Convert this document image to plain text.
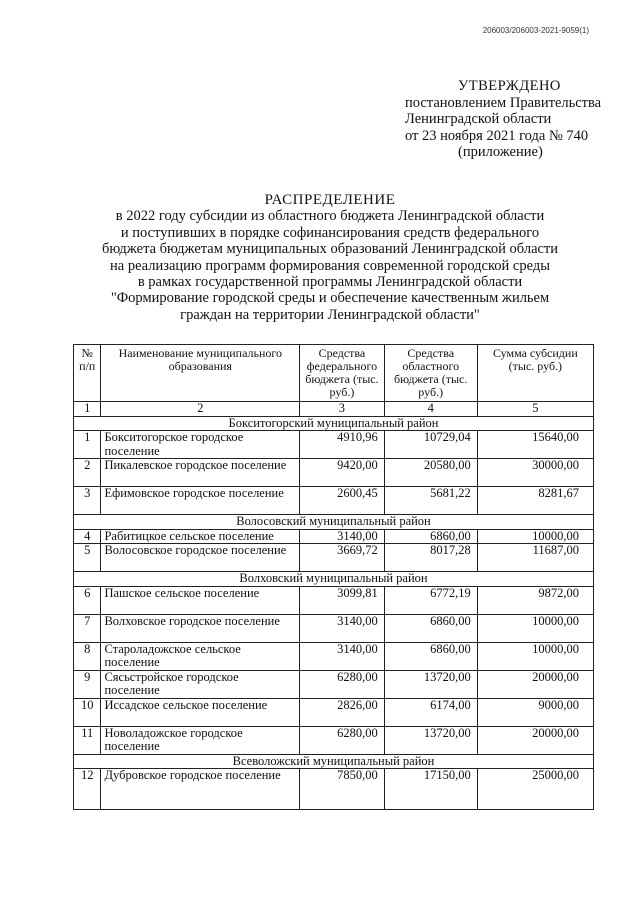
206003/206003-2021-9059(1)
УТВЕРЖДЕНО
постановлением Правительства
Ленинградской области
от 23 ноября 2021 года № 740
(приложение)
РАСПРЕДЕЛЕНИЕ
в 2022 году субсидии из областного бюджета Ленинградской области
и поступивших в порядке софинансирования средств федерального
бюджета бюджетам муниципальных образований Ленинградской области
на реализацию программ формирования современной городской среды
в рамках государственной программы Ленинградской области
"Формирование городской среды и обеспечение качественным жильем
граждан на территории Ленинградской области"
№ п/п	Наименование муниципального образования	Средства федерального бюджета (тыс. руб.)	Средства областного бюджета (тыс. руб.)	Сумма субсидии (тыс. руб.)
1	2	3	4	5
Бокситогорский муниципальный район				
1	Бокситогорское городское поселение	4910,96	10729,04	15640,00
2	Пикалевское городское поселение	9420,00	20580,00	30000,00
3	Ефимовское городское поселение	2600,45	5681,22	8281,67
Волосовский муниципальный район				
4	Рабитицкое сельское поселение	3140,00	6860,00	10000,00
5	Волосовское городское поселение	3669,72	8017,28	11687,00
Волховский муниципальный район				
6	Пашское сельское поселение	3099,81	6772,19	9872,00
7	Волховское городское поселение	3140,00	6860,00	10000,00
8	Староладожское сельское поселение	3140,00	6860,00	10000,00
9	Сясьстройское городское поселение	6280,00	13720,00	20000,00
10	Иссадское сельское поселение	2826,00	6174,00	9000,00
11	Новоладожское городское поселение	6280,00	13720,00	20000,00
Всеволожский муниципальный район				
12	Дубровское городское поселение	7850,00	17150,00	25000,00
